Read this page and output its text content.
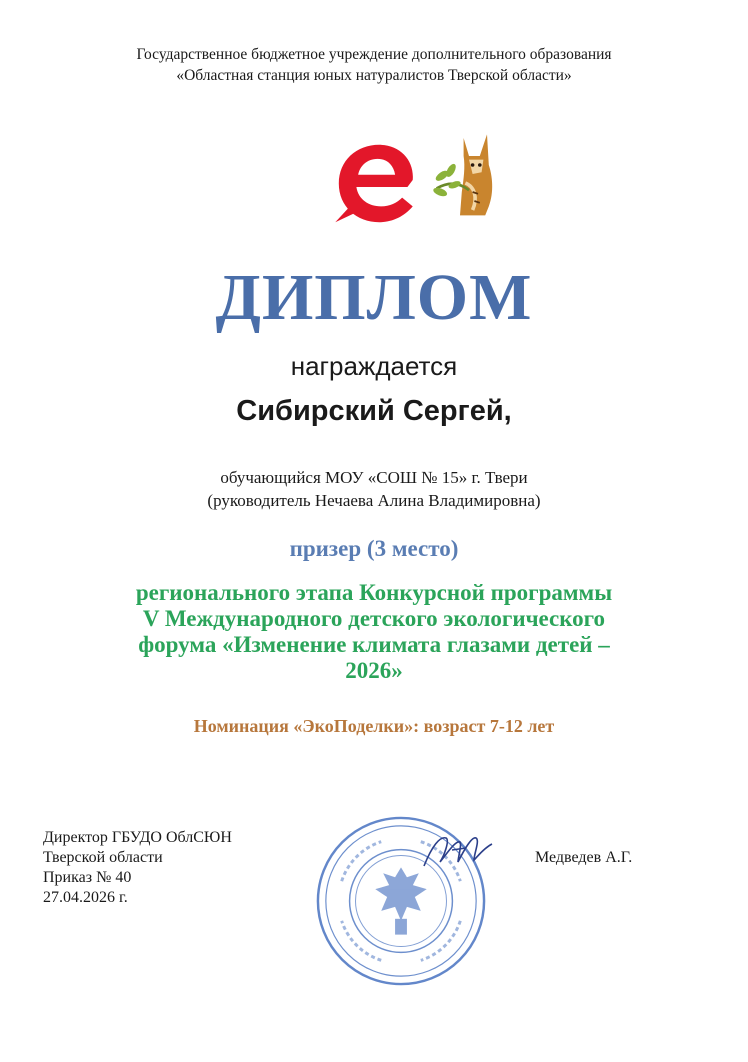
Государственное бюджетное учреждение дополнительного образования
«Областная станция юных натуралистов Тверской области»
ДИПЛОМ
награждается
Сибирский Сергей,
обучающийся МОУ «СОШ № 15» г. Твери
(руководитель Нечаева Алина Владимировна)
призер (3 место)
регионального этапа Конкурсной программы
V Международного детского экологического
форума «Изменение климата глазами детей –
2026»
Номинация «ЭкоПоделки»: возраст 7-12 лет
Директор ГБУДО ОблСЮН
Тверской области
Приказ № 40
27.04.2026 г.
Медведев А.Г.
